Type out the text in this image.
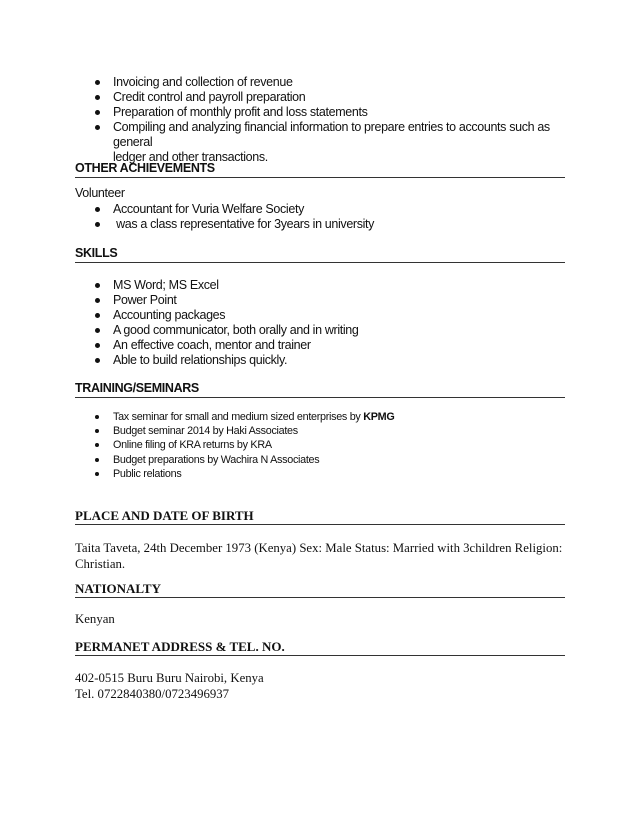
Invoicing and collection of revenue
Credit control and payroll preparation
Preparation of monthly profit and loss statements
Compiling and analyzing financial information to prepare entries to accounts such as general
ledger and other transactions.
OTHER ACHIEVEMENTS
Volunteer
Accountant for Vuria Welfare Society
was a class representative for 3years in university
SKILLS
MS Word; MS Excel
Power Point
Accounting packages
A good communicator, both orally and in writing
An effective coach, mentor and trainer
Able to build relationships quickly.
TRAINING/SEMINARS
Tax seminar for small and medium sized enterprises by KPMG
Budget seminar 2014 by Haki Associates
Online filing of KRA returns by KRA
Budget preparations by Wachira N Associates
Public relations
PLACE AND DATE OF BIRTH
Taita Taveta, 24th December 1973 (Kenya) Sex: Male Status: Married with 3children Religion: Christian.
NATIONALTY
Kenyan
PERMANET ADDRESS & TEL. NO.
402-0515 Buru Buru Nairobi, Kenya
Tel. 0722840380/0723496937
